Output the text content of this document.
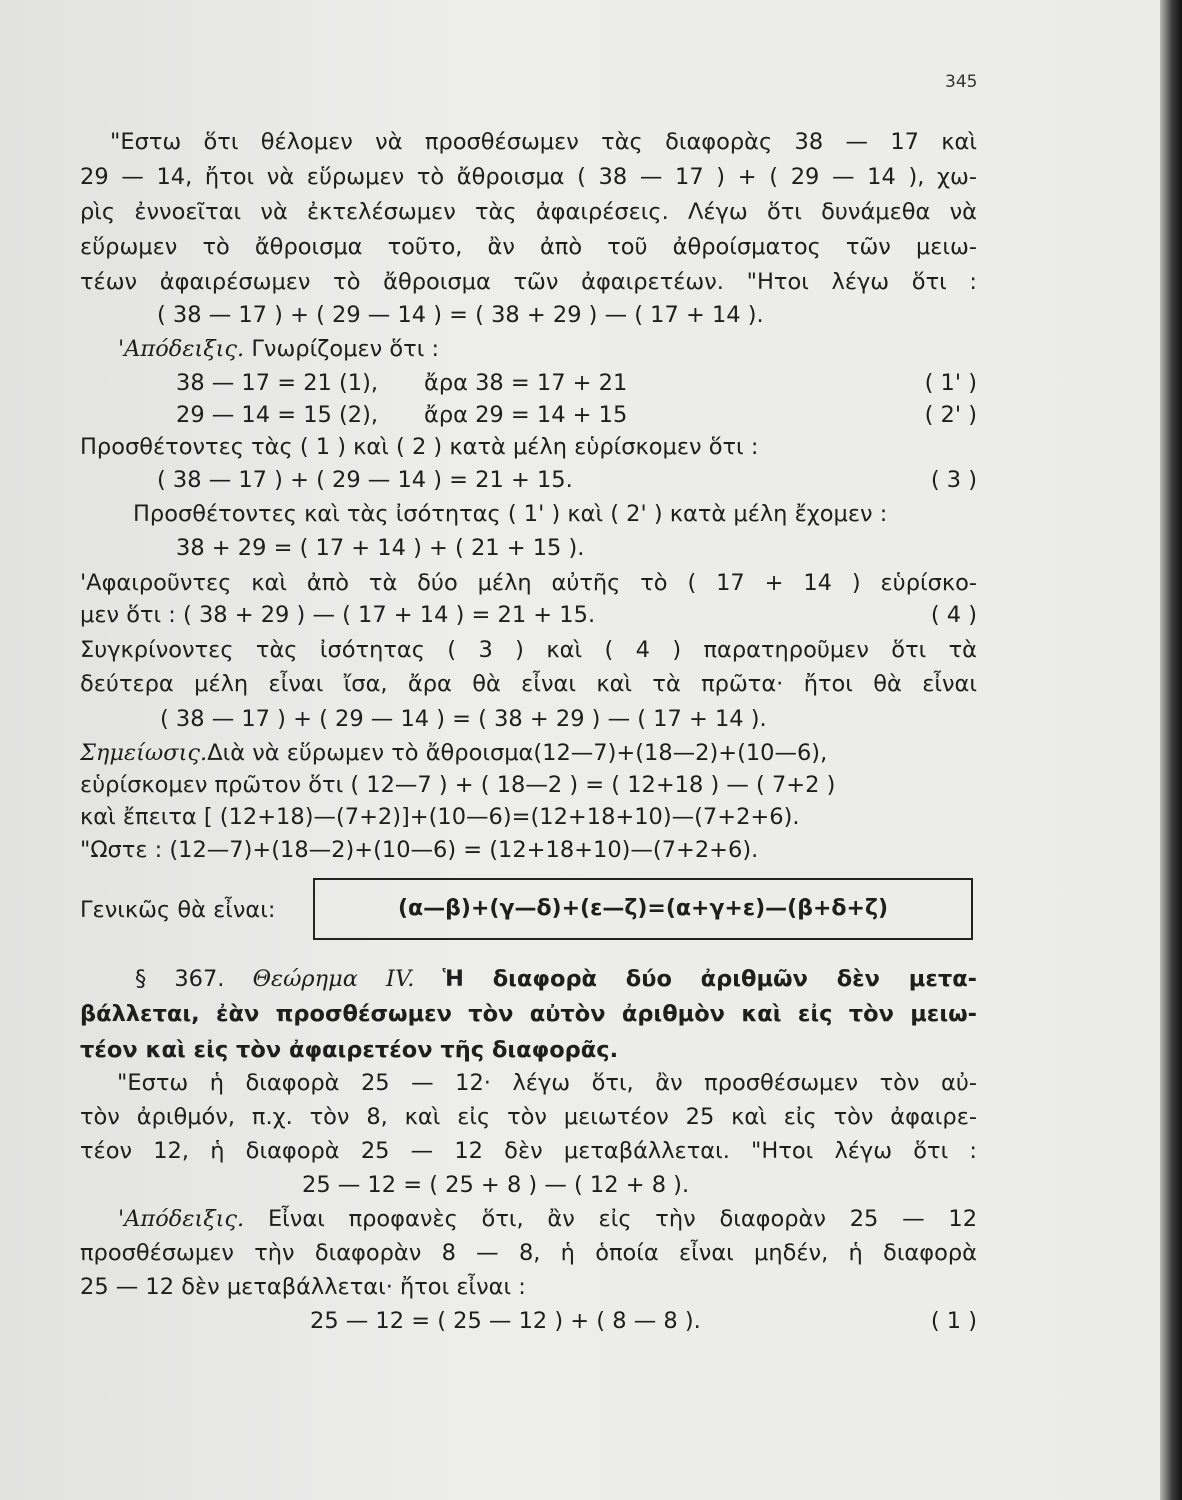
345
"Εστω ὅτι θέλομεν νὰ προσθέσωμεν τὰς διαφορὰς 38 — 17 καὶ
29 — 14, ἤτοι νὰ εὕρωμεν τὸ ἄθροισμα ( 38 — 17 ) + ( 29 — 14 ), χω-
ρὶς ἐννοεῖται νὰ ἐκτελέσωμεν τὰς ἀφαιρέσεις. Λέγω ὅτι δυνάμεθα νὰ
εὕρωμεν τὸ ἄθροισμα τοῦτο, ἂν ἀπὸ τοῦ ἀθροίσματος τῶν μειω-
τέων ἀφαιρέσωμεν τὸ ἄθροισμα τῶν ἀφαιρετέων. "Ητοι λέγω ὅτι :
( 38 — 17 ) + ( 29 — 14 ) = ( 38 + 29 ) — ( 17 + 14 ).
'Απόδειξις. Γνωρίζομεν ὅτι :
38 — 17 = 21 (1), ἄρα 38 = 17 + 21	( 1' )
29 — 14 = 15 (2), ἄρα 29 = 14 + 15	( 2' )
Προσθέτοντες τὰς ( 1 ) καὶ ( 2 ) κατὰ μέλη εὑρίσκομεν ὅτι :
( 38 — 17 ) + ( 29 — 14 ) = 21 + 15.	( 3 )
Προσθέτοντες καὶ τὰς ἰσότητας ( 1' ) καὶ ( 2' ) κατὰ μέλη ἔχομεν :
38 + 29 = ( 17 + 14 ) + ( 21 + 15 ).
'Αφαιροῦντες καὶ ἀπὸ τὰ δύο μέλη αὐτῆς τὸ ( 17 + 14 ) εὑρίσκο-
μεν ὅτι : ( 38 + 29 ) — ( 17 + 14 ) = 21 + 15.	( 4 )
Συγκρίνοντες τὰς ἰσότητας ( 3 ) καὶ ( 4 ) παρατηροῦμεν ὅτι τὰ
δεύτερα μέλη εἶναι ἴσα, ἄρα θὰ εἶναι καὶ τὰ πρῶτα· ἤτοι θὰ εἶναι
( 38 — 17 ) + ( 29 — 14 ) = ( 38 + 29 ) — ( 17 + 14 ).
Σημείωσις.Διὰ νὰ εὕρωμεν τὸ ἄθροισμα(12—7)+(18—2)+(10—6),
εὑρίσκομεν πρῶτον ὅτι ( 12—7 ) + ( 18—2 ) = ( 12+18 ) — ( 7+2 )
καὶ ἔπειτα [ (12+18)—(7+2)]+(10—6)=(12+18+10)—(7+2+6).
"Ωστε : (12—7)+(18—2)+(10—6) = (12+18+10)—(7+2+6).
Γενικῶς θὰ εἶναι:	(α—β)+(γ—δ)+(ε—ζ)=(α+γ+ε)—(β+δ+ζ)
§ 367. Θεώρημα IV. Ἡ διαφορὰ δύο ἀριθμῶν δὲν μετα-
βάλλεται, ἐὰν προσθέσωμεν τὸν αὐτὸν ἀριθμὸν καὶ εἰς τὸν μειω-
τέον καὶ εἰς τὸν ἀφαιρετέον τῆς διαφορᾶς.
"Εστω ἡ διαφορὰ 25 — 12· λέγω ὅτι, ἂν προσθέσωμεν τὸν αὐ-
τὸν ἀριθμόν, π.χ. τὸν 8, καὶ εἰς τὸν μειωτέον 25 καὶ εἰς τὸν ἀφαιρε-
τέον 12, ἡ διαφορὰ 25 — 12 δὲν μεταβάλλεται. "Ητοι λέγω ὅτι :
25 — 12 = ( 25 + 8 ) — ( 12 + 8 ).
'Απόδειξις. Εἶναι προφανὲς ὅτι, ἂν εἰς τὴν διαφορὰν 25 — 12
προσθέσωμεν τὴν διαφορὰν 8 — 8, ἡ ὁποία εἶναι μηδέν, ἡ διαφορὰ
25 — 12 δὲν μεταβάλλεται· ἤτοι εἶναι :
25 — 12 = ( 25 — 12 ) + ( 8 — 8 ).	( 1 )
